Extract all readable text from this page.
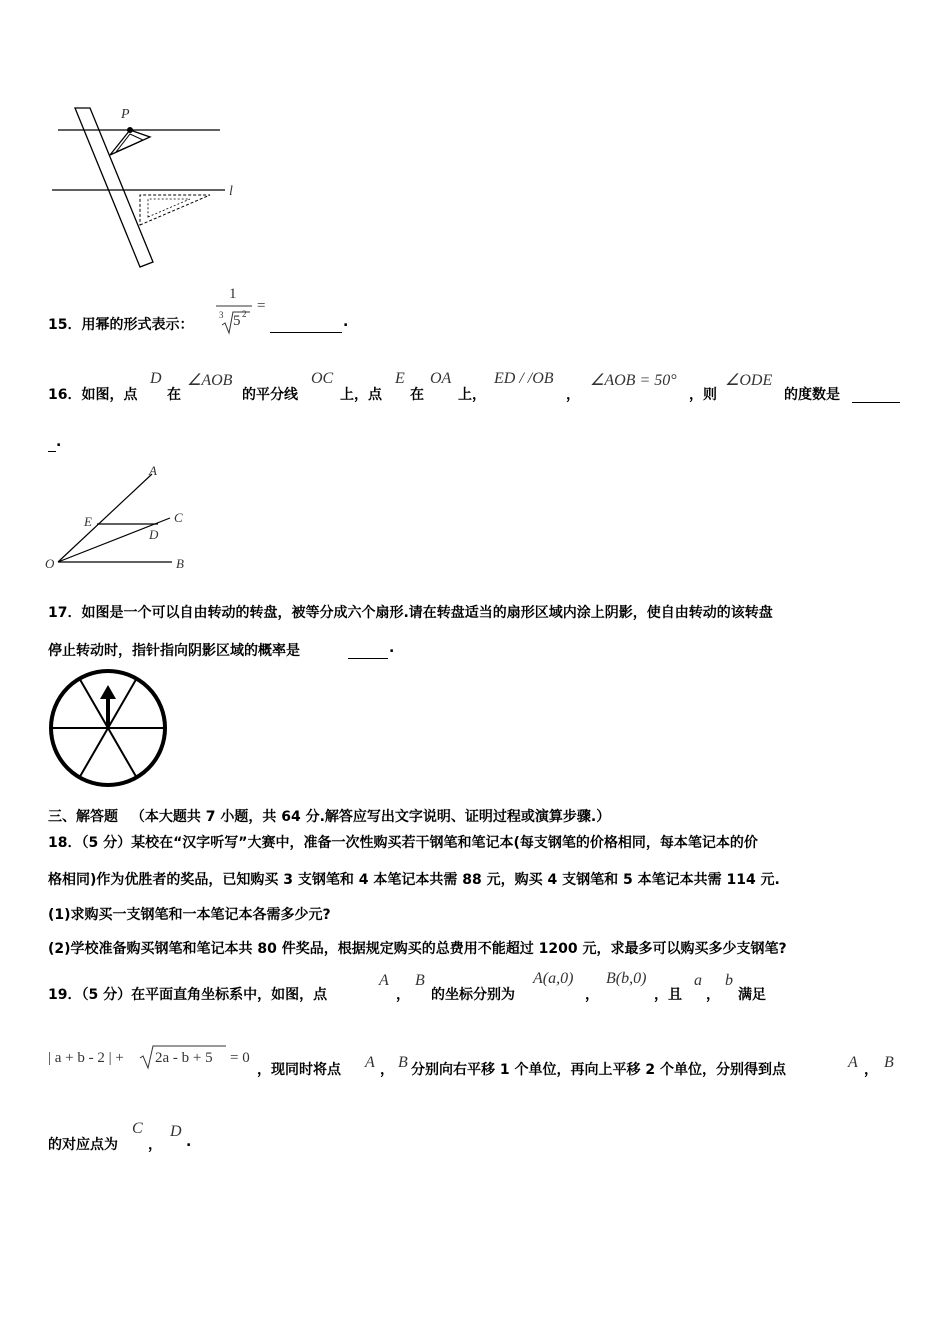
P
l
15．用幂的形式表示：
1
3 5 2 =
.
16．如图，点
D
在
∠AOB
的平分线
OC
上，点
E
在
OA
上，
ED / /OB
，
∠AOB = 50°
，则
∠ODE
的度数是
.
A
E	C
D
O	B
17．如图是一个可以自由转动的转盘，被等分成六个扇形.请在转盘适当的扇形区域内涂上阴影，使自由转动的该转盘
停止转动时，指针指向阴影区域的概率是	.
三、解答题 （本大题共 7 小题，共 64 分.解答应写出文字说明、证明过程或演算步骤.）
18．（5 分）某校在“汉字听写”大赛中，准备一次性购买若干钢笔和笔记本(每支钢笔的价格相同，每本笔记本的价
格相同)作为优胜者的奖品，已知购买 3 支钢笔和 4 本笔记本共需 88 元，购买 4 支钢笔和 5 本笔记本共需 114 元.
(1)求购买一支钢笔和一本笔记本各需多少元?
(2)学校准备购买钢笔和笔记本共 80 件奖品，根据规定购买的总费用不能超过 1200 元，求最多可以购买多少支钢笔?
19．（5 分）在平面直角坐标系中，如图，点
A
，
B
的坐标分别为
A(a,0)
，
B(b,0)
，且
a
，
b
满足
| a + b - 2 | + 2a - b + 5 = 0
，现同时将点 A ， B 分别向右平移 1 个单位，再向上平移 2 个单位，分别得到点	A ， B
的对应点为
C
，
D
.
